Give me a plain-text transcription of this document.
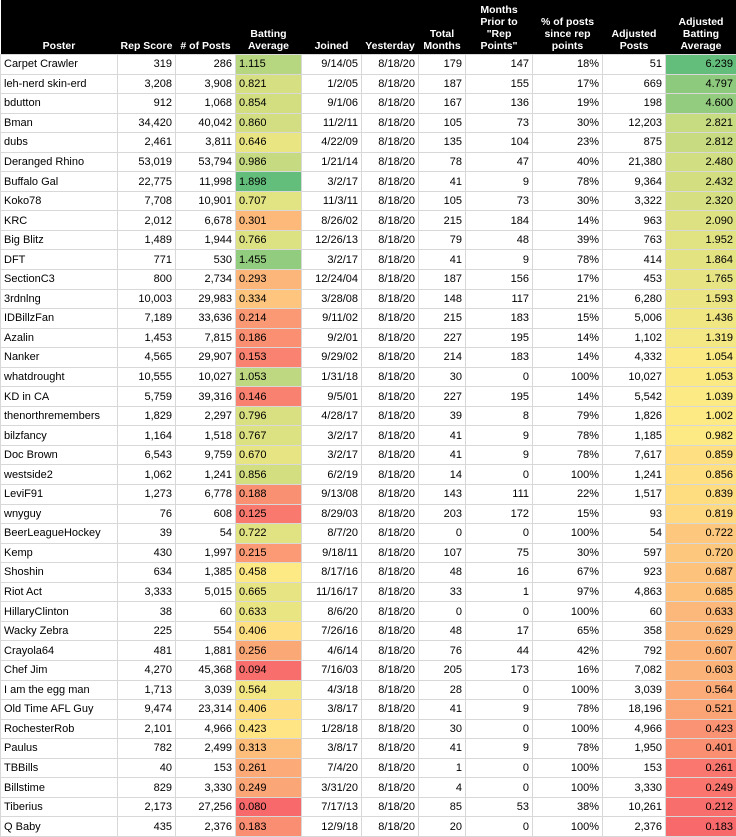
Poster	Rep Score	# of Posts	Batting Average	Joined	Yesterday	Total Months	Months Prior to "Rep Points"	% of posts since rep points	Adjusted Posts	Adjusted Batting Average
Carpet Crawler	319	286	1.115	9/14/05	8/18/20	179	147	18%	51	6.239
leh-nerd skin-erd	3,208	3,908	0.821	1/2/05	8/18/20	187	155	17%	669	4.797
bdutton	912	1,068	0.854	9/1/06	8/18/20	167	136	19%	198	4.600
Bman	34,420	40,042	0.860	11/2/11	8/18/20	105	73	30%	12,203	2.821
dubs	2,461	3,811	0.646	4/22/09	8/18/20	135	104	23%	875	2.812
Deranged Rhino	53,019	53,794	0.986	1/21/14	8/18/20	78	47	40%	21,380	2.480
Buffalo Gal	22,775	11,998	1.898	3/2/17	8/18/20	41	9	78%	9,364	2.432
Koko78	7,708	10,901	0.707	11/3/11	8/18/20	105	73	30%	3,322	2.320
KRC	2,012	6,678	0.301	8/26/02	8/18/20	215	184	14%	963	2.090
Big Blitz	1,489	1,944	0.766	12/26/13	8/18/20	79	48	39%	763	1.952
DFT	771	530	1.455	3/2/17	8/18/20	41	9	78%	414	1.864
SectionC3	800	2,734	0.293	12/24/04	8/18/20	187	156	17%	453	1.765
3rdnlng	10,003	29,983	0.334	3/28/08	8/18/20	148	117	21%	6,280	1.593
IDBillzFan	7,189	33,636	0.214	9/11/02	8/18/20	215	183	15%	5,006	1.436
Azalin	1,453	7,815	0.186	9/2/01	8/18/20	227	195	14%	1,102	1.319
Nanker	4,565	29,907	0.153	9/29/02	8/18/20	214	183	14%	4,332	1.054
whatdrought	10,555	10,027	1.053	1/31/18	8/18/20	30	0	100%	10,027	1.053
KD in CA	5,759	39,316	0.146	9/5/01	8/18/20	227	195	14%	5,542	1.039
thenorthremembers	1,829	2,297	0.796	4/28/17	8/18/20	39	8	79%	1,826	1.002
bilzfancy	1,164	1,518	0.767	3/2/17	8/18/20	41	9	78%	1,185	0.982
Doc Brown	6,543	9,759	0.670	3/2/17	8/18/20	41	9	78%	7,617	0.859
westside2	1,062	1,241	0.856	6/2/19	8/18/20	14	0	100%	1,241	0.856
LeviF91	1,273	6,778	0.188	9/13/08	8/18/20	143	111	22%	1,517	0.839
wnyguy	76	608	0.125	8/29/03	8/18/20	203	172	15%	93	0.819
BeerLeagueHockey	39	54	0.722	8/7/20	8/18/20	0	0	100%	54	0.722
Kemp	430	1,997	0.215	9/18/11	8/18/20	107	75	30%	597	0.720
Shoshin	634	1,385	0.458	8/17/16	8/18/20	48	16	67%	923	0.687
Riot Act	3,333	5,015	0.665	11/16/17	8/18/20	33	1	97%	4,863	0.685
HillaryClinton	38	60	0.633	8/6/20	8/18/20	0	0	100%	60	0.633
Wacky Zebra	225	554	0.406	7/26/16	8/18/20	48	17	65%	358	0.629
Crayola64	481	1,881	0.256	4/6/14	8/18/20	76	44	42%	792	0.607
Chef Jim	4,270	45,368	0.094	7/16/03	8/18/20	205	173	16%	7,082	0.603
I am the egg man	1,713	3,039	0.564	4/3/18	8/18/20	28	0	100%	3,039	0.564
Old Time AFL Guy	9,474	23,314	0.406	3/8/17	8/18/20	41	9	78%	18,196	0.521
RochesterRob	2,101	4,966	0.423	1/28/18	8/18/20	30	0	100%	4,966	0.423
Paulus	782	2,499	0.313	3/8/17	8/18/20	41	9	78%	1,950	0.401
TBBills	40	153	0.261	7/4/20	8/18/20	1	0	100%	153	0.261
Billstime	829	3,330	0.249	3/31/20	8/18/20	4	0	100%	3,330	0.249
Tiberius	2,173	27,256	0.080	7/17/13	8/18/20	85	53	38%	10,261	0.212
Q Baby	435	2,376	0.183	12/9/18	8/18/20	20	0	100%	2,376	0.183
